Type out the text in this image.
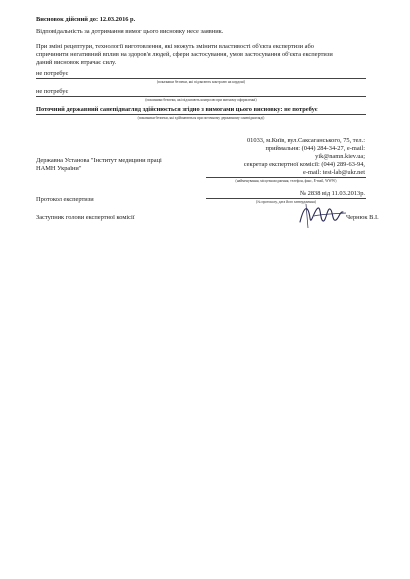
Висновок дійсний до: 12.03.2016 р.
Відповідальність за дотримання вимог цього висновку несе заявник.
При зміні рецептури, технології виготовлення, які можуть змінити властивості об'єкта експертизи або
спричинити негативний вплив на здоров'я людей, сфери застосування, умов застосування об'єкта експертизи
даний висновок втрачає силу.
не потребує
(показники безпеки, які підлягають контролю на кордоні)
не потребує
(показники безпеки, які підлягають контролю при митному оформленні)
Поточний державний санепіднагляд здійснюється згідно з вимогами цього висновку: не потребує
(показники безпеки, які здійснюються при поточному державному санепіднагляді)
01033, м.Київ, вул.Саксаганського, 75, тел.:
приймальня: (044) 284-34-27, e-mail:
yik@namn.kiev.ua;
секретар експертної комісії: (044) 289-63-94,
e-mail: test-lab@ukr.net
(найменування, місцезнаходження, телефон, факс, E-mail, WWW)
Державна Установа "Інститут медицини праці
НАМН України"
Протокол експертизи
№ 2838 від 11.03.2013р.
(№ протоколу, дата його затвердження)
Заступник голови експертної комісії	Чернюк В.І.
